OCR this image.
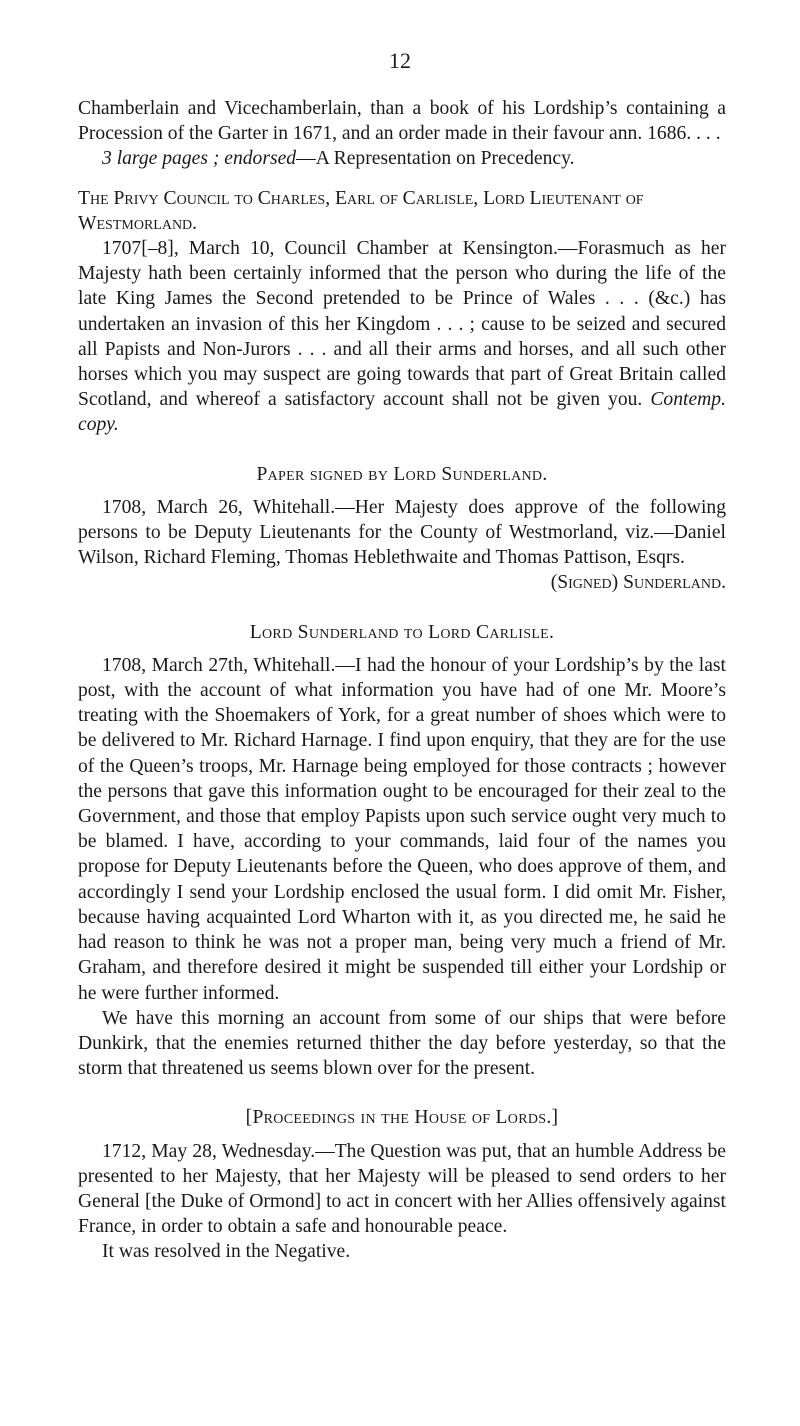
12

Chamberlain and Vicechamberlain, than a book of his Lordship’s containing a Procession of the Garter in 1671, and an order made in their favour ann. 1686. . . .

3 large pages ; endorsed—A Representation on Precedency.

The Privy Council to Charles, Earl of Carlisle, Lord Lieutenant of Westmorland.

1707[–8], March 10, Council Chamber at Kensington.—Forasmuch as her Majesty hath been certainly informed that the person who during the life of the late King James the Second pretended to be Prince of Wales . . . (&c.) has undertaken an invasion of this her Kingdom . . . ; cause to be seized and secured all Papists and Non-Jurors . . . and all their arms and horses, and all such other horses which you may suspect are going towards that part of Great Britain called Scotland, and whereof a satisfactory account shall not be given you. Contemp. copy.

Paper signed by Lord Sunderland.

1708, March 26, Whitehall.—Her Majesty does approve of the following persons to be Deputy Lieutenants for the County of Westmorland, viz.—Daniel Wilson, Richard Fleming, Thomas Heblethwaite and Thomas Pattison, Esqrs.

(Signed) Sunderland.

Lord Sunderland to Lord Carlisle.

1708, March 27th, Whitehall.—I had the honour of your Lordship’s by the last post, with the account of what information you have had of one Mr. Moore’s treating with the Shoemakers of York, for a great number of shoes which were to be delivered to Mr. Richard Harnage. I find upon enquiry, that they are for the use of the Queen’s troops, Mr. Harnage being employed for those contracts ; however the persons that gave this information ought to be encouraged for their zeal to the Government, and those that employ Papists upon such service ought very much to be blamed. I have, according to your commands, laid four of the names you propose for Deputy Lieutenants before the Queen, who does approve of them, and accordingly I send your Lordship enclosed the usual form. I did omit Mr. Fisher, because having acquainted Lord Wharton with it, as you directed me, he said he had reason to think he was not a proper man, being very much a friend of Mr. Graham, and therefore desired it might be suspended till either your Lordship or he were further informed.

We have this morning an account from some of our ships that were before Dunkirk, that the enemies returned thither the day before yesterday, so that the storm that threatened us seems blown over for the present.

[Proceedings in the House of Lords.]

1712, May 28, Wednesday.—The Question was put, that an humble Address be presented to her Majesty, that her Majesty will be pleased to send orders to her General [the Duke of Ormond] to act in concert with her Allies offensively against France, in order to obtain a safe and honourable peace.

It was resolved in the Negative.
